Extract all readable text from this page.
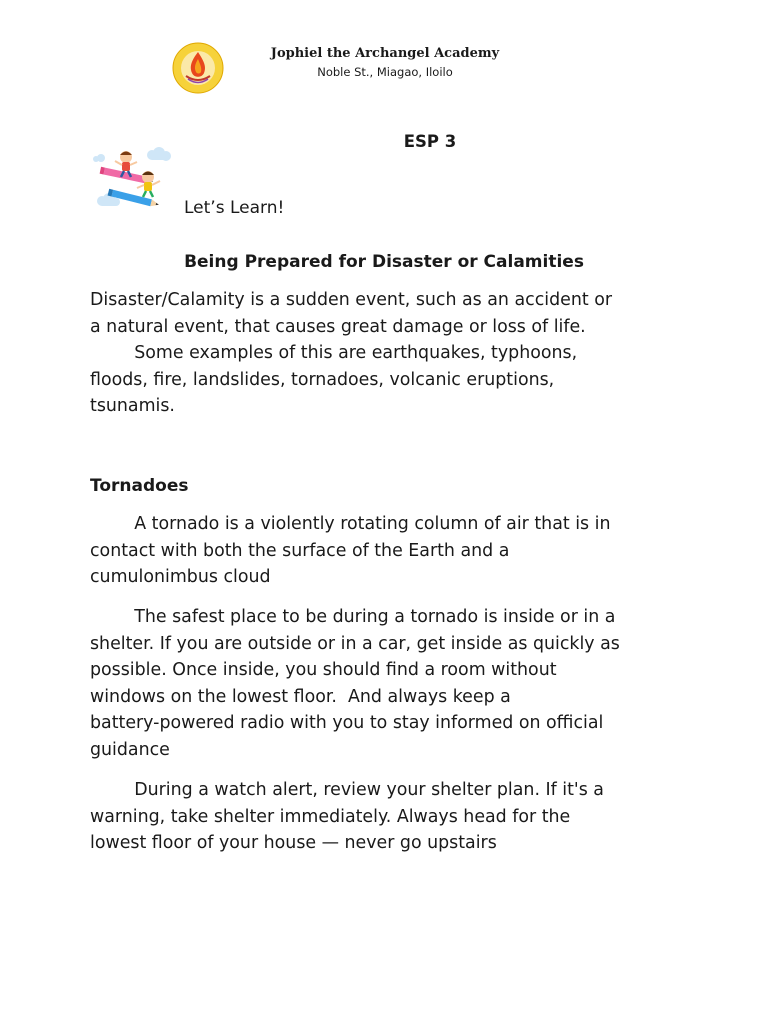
Jophiel the Archangel Academy
Noble St., Miagao, Iloilo
ESP 3
Let’s Learn!
Being Prepared for Disaster or Calamities
Disaster/Calamity is a sudden event, such as an accident or
a natural event, that causes great damage or loss of life.
Some examples of this are earthquakes, typhoons,
floods, fire, landslides, tornadoes, volcanic eruptions,
tsunamis.
Tornadoes
A tornado is a violently rotating column of air that is in
contact with both the surface of the Earth and a
cumulonimbus cloud
The safest place to be during a tornado is inside or in a
shelter. If you are outside or in a car, get inside as quickly as
possible. Once inside, you should find a room without
windows on the lowest floor.  And always keep a
battery-powered radio with you to stay informed on official
guidance
During a watch alert, review your shelter plan. If it's a
warning, take shelter immediately. Always head for the
lowest floor of your house — never go upstairs
